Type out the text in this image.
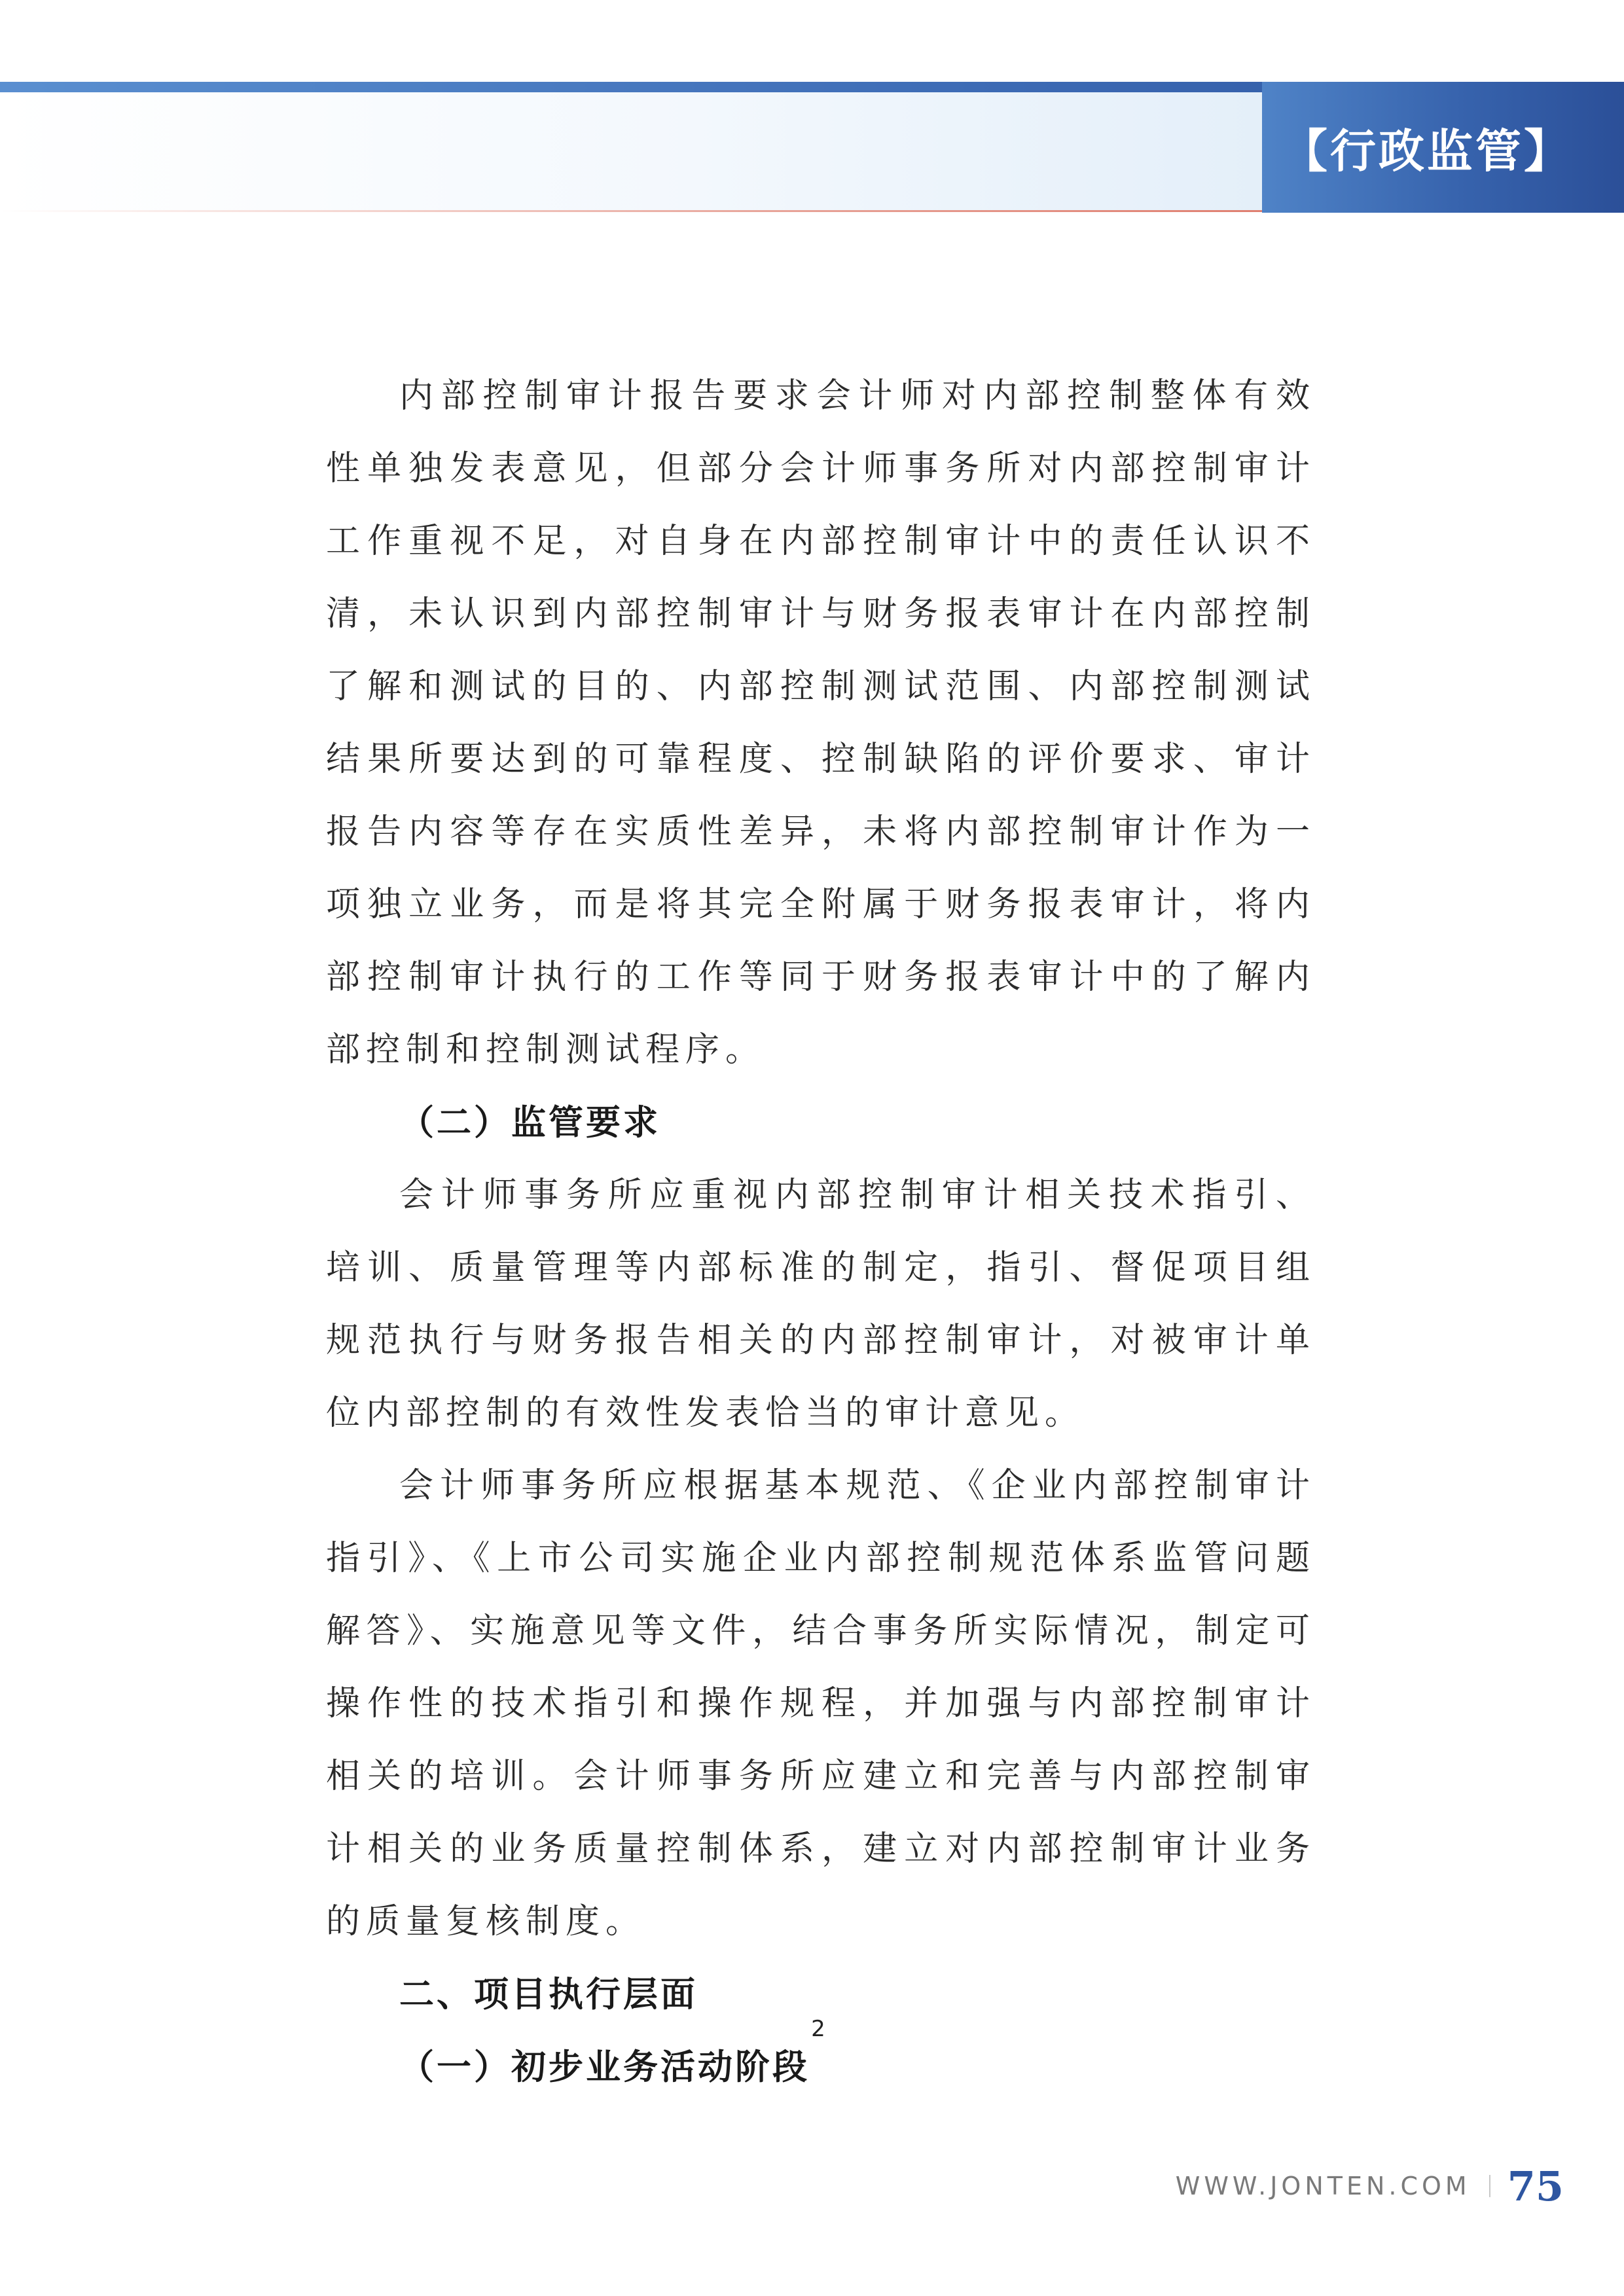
【行政监管】

内部控制审计报告要求会计师对内部控制整体有效性单独发表意见，但部分会计师事务所对内部控制审计工作重视不足，对自身在内部控制审计中的责任认识不清，未认识到内部控制审计与财务报表审计在内部控制了解和测试的目的、内部控制测试范围、内部控制测试结果所要达到的可靠程度、控制缺陷的评价要求、审计报告内容等存在实质性差异，未将内部控制审计作为一项独立业务，而是将其完全附属于财务报表审计，将内部控制审计执行的工作等同于财务报表审计中的了解内部控制和控制测试程序。

（二）监管要求

会计师事务所应重视内部控制审计相关技术指引、培训、质量管理等内部标准的制定，指引、督促项目组规范执行与财务报告相关的内部控制审计，对被审计单位内部控制的有效性发表恰当的审计意见。

会计师事务所应根据基本规范、《企业内部控制审计指引》、《上市公司实施企业内部控制规范体系监管问题解答》、实施意见等文件，结合事务所实际情况，制定可操作性的技术指引和操作规程，并加强与内部控制审计相关的培训。会计师事务所应建立和完善与内部控制审计相关的业务质量控制体系，建立对内部控制审计业务的质量复核制度。

二、项目执行层面

（一）初步业务活动阶段

2
WWW.JONTEN.COM 75
